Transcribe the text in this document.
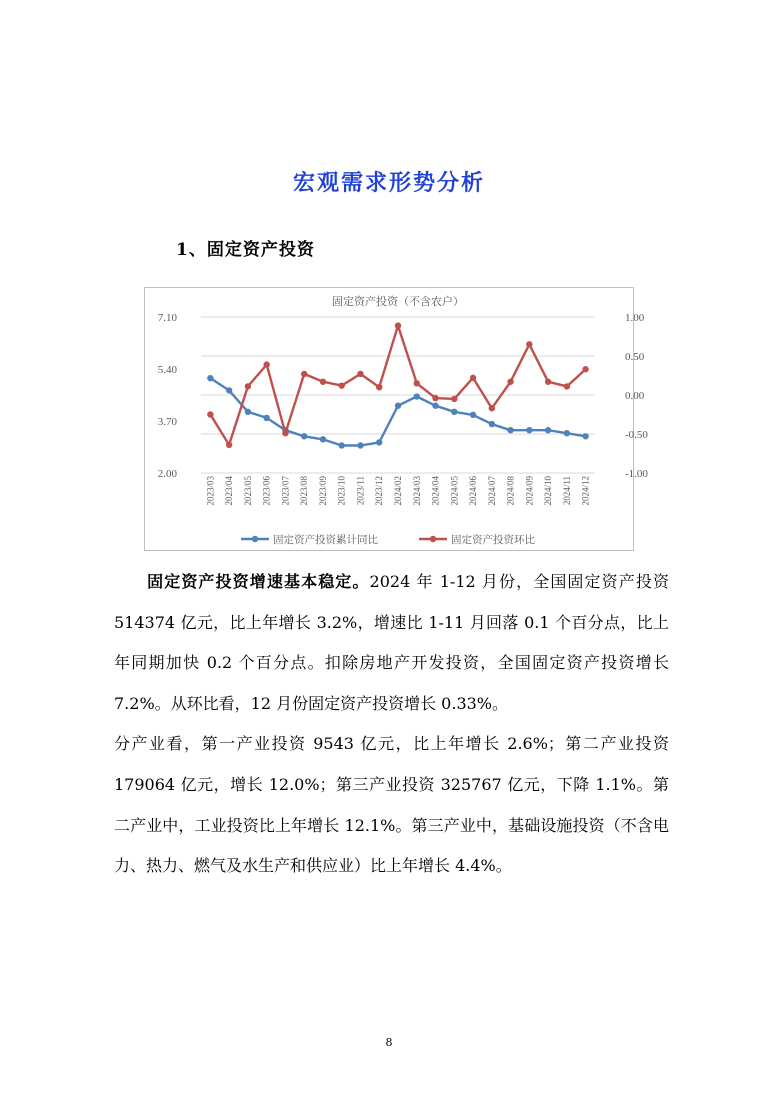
宏观需求形势分析
1、固定资产投资
固定资产投资（不含农户）
7.10
5.40
3.70
2.00
1.00
0.50
0.00
-0.50
-1.00
2023/03 2023/04 2023/05 2023/06 2023/07 2023/08 2023/09 2023/10 2023/11 2023/12 2024/02 2024/03 2024/04 2024/05 2024/06 2024/07 2024/08 2024/09 2024/10 2024/11 2024/12
固定资产投资累计同比	固定资产投资环比

固定资产投资增速基本稳定。2024 年 1-12 月份，全国固定资产投资 514374 亿元，比上年增长 3.2%，增速比 1-11 月回落 0.1 个百分点，比上年同期加快 0.2 个百分点。扣除房地产开发投资，全国固定资产投资增长 7.2%。从环比看，12 月份固定资产投资增长 0.33%。

分产业看，第一产业投资 9543 亿元，比上年增长 2.6%；第二产业投资 179064 亿元，增长 12.0%；第三产业投资 325767 亿元，下降 1.1%。第二产业中，工业投资比上年增长 12.1%。第三产业中，基础设施投资（不含电力、热力、燃气及水生产和供应业）比上年增长 4.4%。

8
